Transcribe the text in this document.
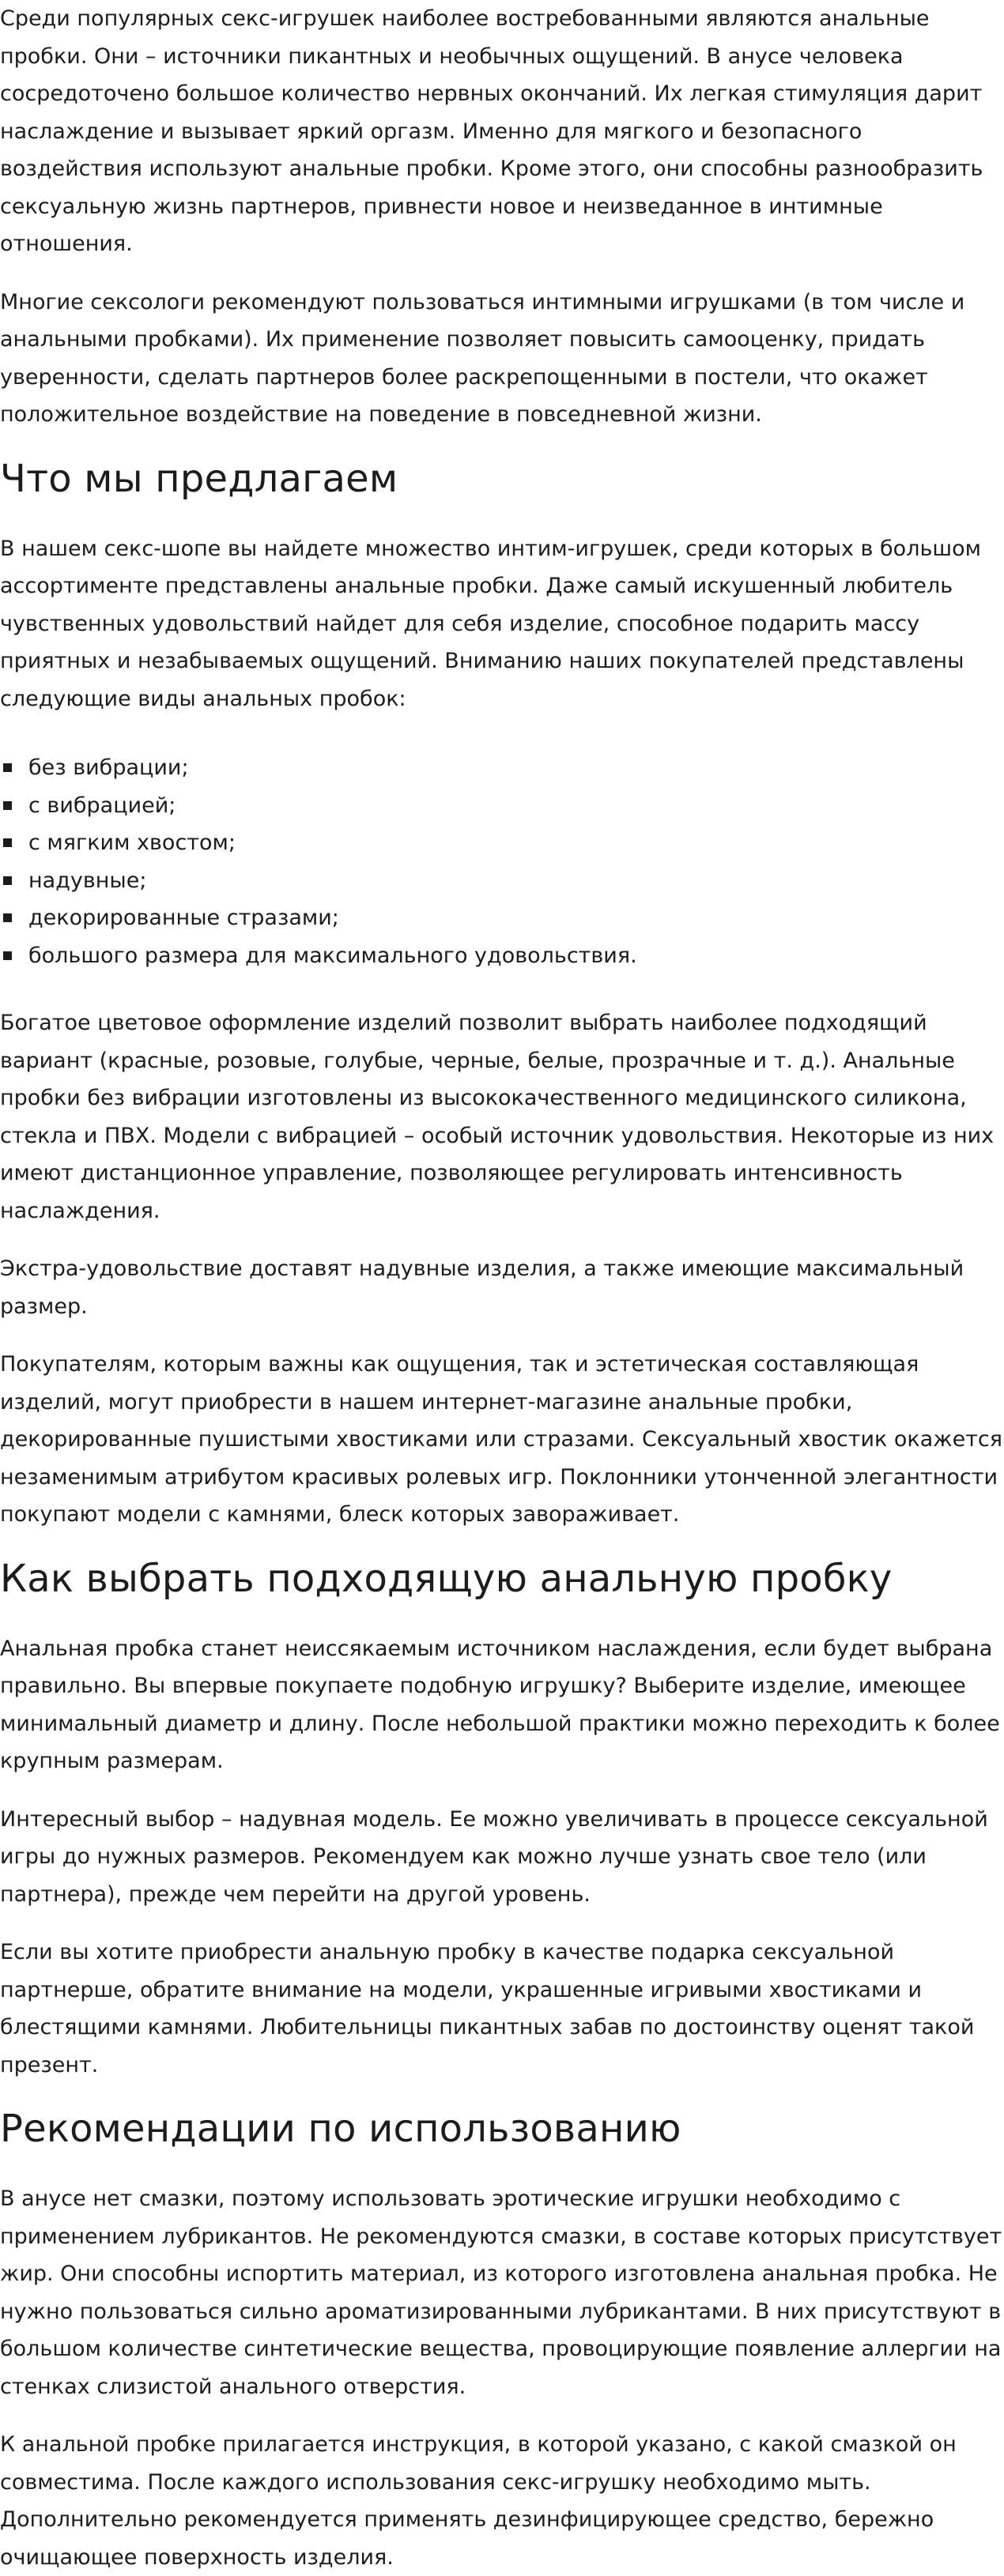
Среди популярных секс-игрушек наиболее востребованными являются анальные пробки. Они – источники пикантных и необычных ощущений. В анусе человека сосредоточено большое количество нервных окончаний. Их легкая стимуляция дарит наслаждение и вызывает яркий оргазм. Именно для мягкого и безопасного воздействия используют анальные пробки. Кроме этого, они способны разнообразить сексуальную жизнь партнеров, привнести новое и неизведанное в интимные отношения.

Многие сексологи рекомендуют пользоваться интимными игрушками (в том числе и анальными пробками). Их применение позволяет повысить самооценку, придать уверенности, сделать партнеров более раскрепощенными в постели, что окажет положительное воздействие на поведение в повседневной жизни.

Что мы предлагаем

В нашем секс-шопе вы найдете множество интим-игрушек, среди которых в большом ассортименте представлены анальные пробки. Даже самый искушенный любитель чувственных удовольствий найдет для себя изделие, способное подарить массу приятных и незабываемых ощущений. Вниманию наших покупателей представлены следующие виды анальных пробок:

без вибрации;
с вибрацией;
с мягким хвостом;
надувные;
декорированные стразами;
большого размера для максимального удовольствия.

Богатое цветовое оформление изделий позволит выбрать наиболее подходящий вариант (красные, розовые, голубые, черные, белые, прозрачные и т. д.). Анальные пробки без вибрации изготовлены из высококачественного медицинского силикона, стекла и ПВХ. Модели с вибрацией – особый источник удовольствия. Некоторые из них имеют дистанционное управление, позволяющее регулировать интенсивность наслаждения.

Экстра-удовольствие доставят надувные изделия, а также имеющие максимальный размер.

Покупателям, которым важны как ощущения, так и эстетическая составляющая изделий, могут приобрести в нашем интернет-магазине анальные пробки, декорированные пушистыми хвостиками или стразами. Сексуальный хвостик окажется незаменимым атрибутом красивых ролевых игр. Поклонники утонченной элегантности покупают модели с камнями, блеск которых завораживает.

Как выбрать подходящую анальную пробку

Анальная пробка станет неиссякаемым источником наслаждения, если будет выбрана правильно. Вы впервые покупаете подобную игрушку? Выберите изделие, имеющее минимальный диаметр и длину. После небольшой практики можно переходить к более крупным размерам.

Интересный выбор – надувная модель. Ее можно увеличивать в процессе сексуальной игры до нужных размеров. Рекомендуем как можно лучше узнать свое тело (или партнера), прежде чем перейти на другой уровень.

Если вы хотите приобрести анальную пробку в качестве подарка сексуальной партнерше, обратите внимание на модели, украшенные игривыми хвостиками и блестящими камнями. Любительницы пикантных забав по достоинству оценят такой презент.

Рекомендации по использованию

В анусе нет смазки, поэтому использовать эротические игрушки необходимо с применением лубрикантов. Не рекомендуются смазки, в составе которых присутствует жир. Они способны испортить материал, из которого изготовлена анальная пробка. Не нужно пользоваться сильно ароматизированными лубрикантами. В них присутствуют в большом количестве синтетические вещества, провоцирующие появление аллергии на стенках слизистой анального отверстия.

К анальной пробке прилагается инструкция, в которой указано, с какой смазкой он совместима. После каждого использования секс-игрушку необходимо мыть. Дополнительно рекомендуется применять дезинфицирующее средство, бережно очищающее поверхность изделия.
